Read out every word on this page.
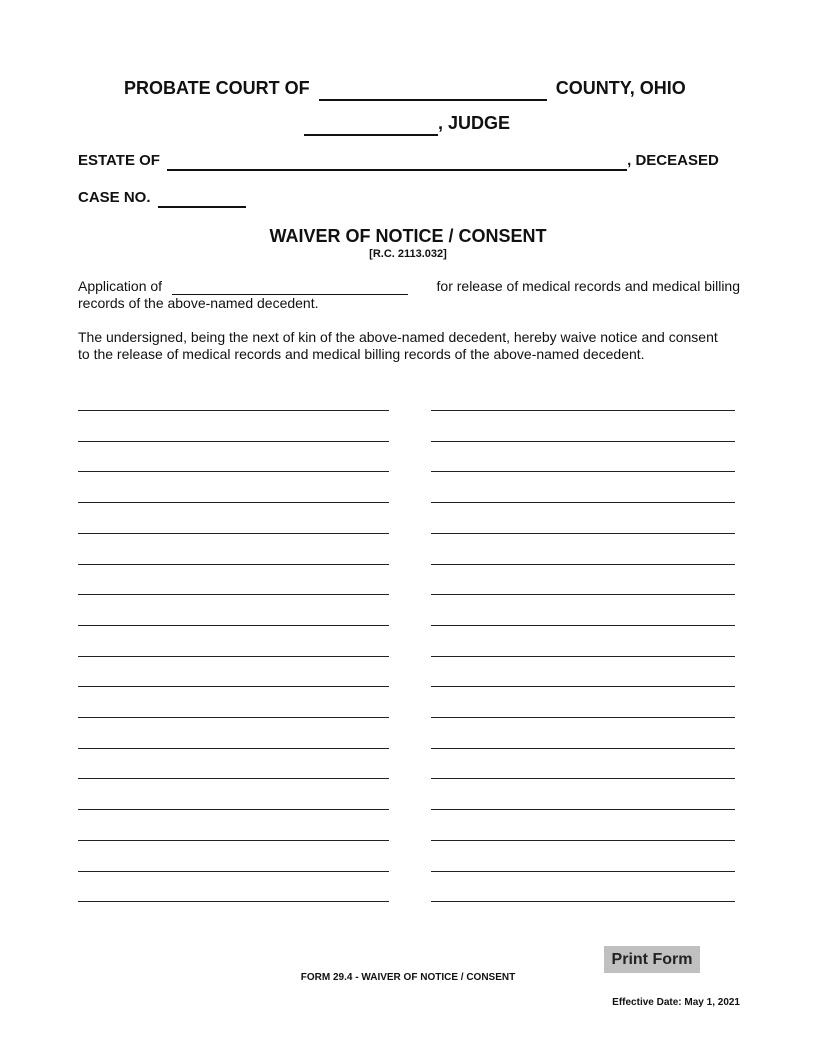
PROBATE COURT OF	COUNTY, OHIO
, JUDGE
ESTATE OF	, DECEASED
CASE NO.
WAIVER OF NOTICE / CONSENT
[R.C. 2113.032]
Application of	for release of medical records and medical billing
records of the above-named decedent.
The undersigned, being the next of kin of the above-named decedent, hereby waive notice and consent
to the release of medical records and medical billing records of the above-named decedent.
Print Form
FORM 29.4 - WAIVER OF NOTICE / CONSENT
Effective Date: May 1, 2021
